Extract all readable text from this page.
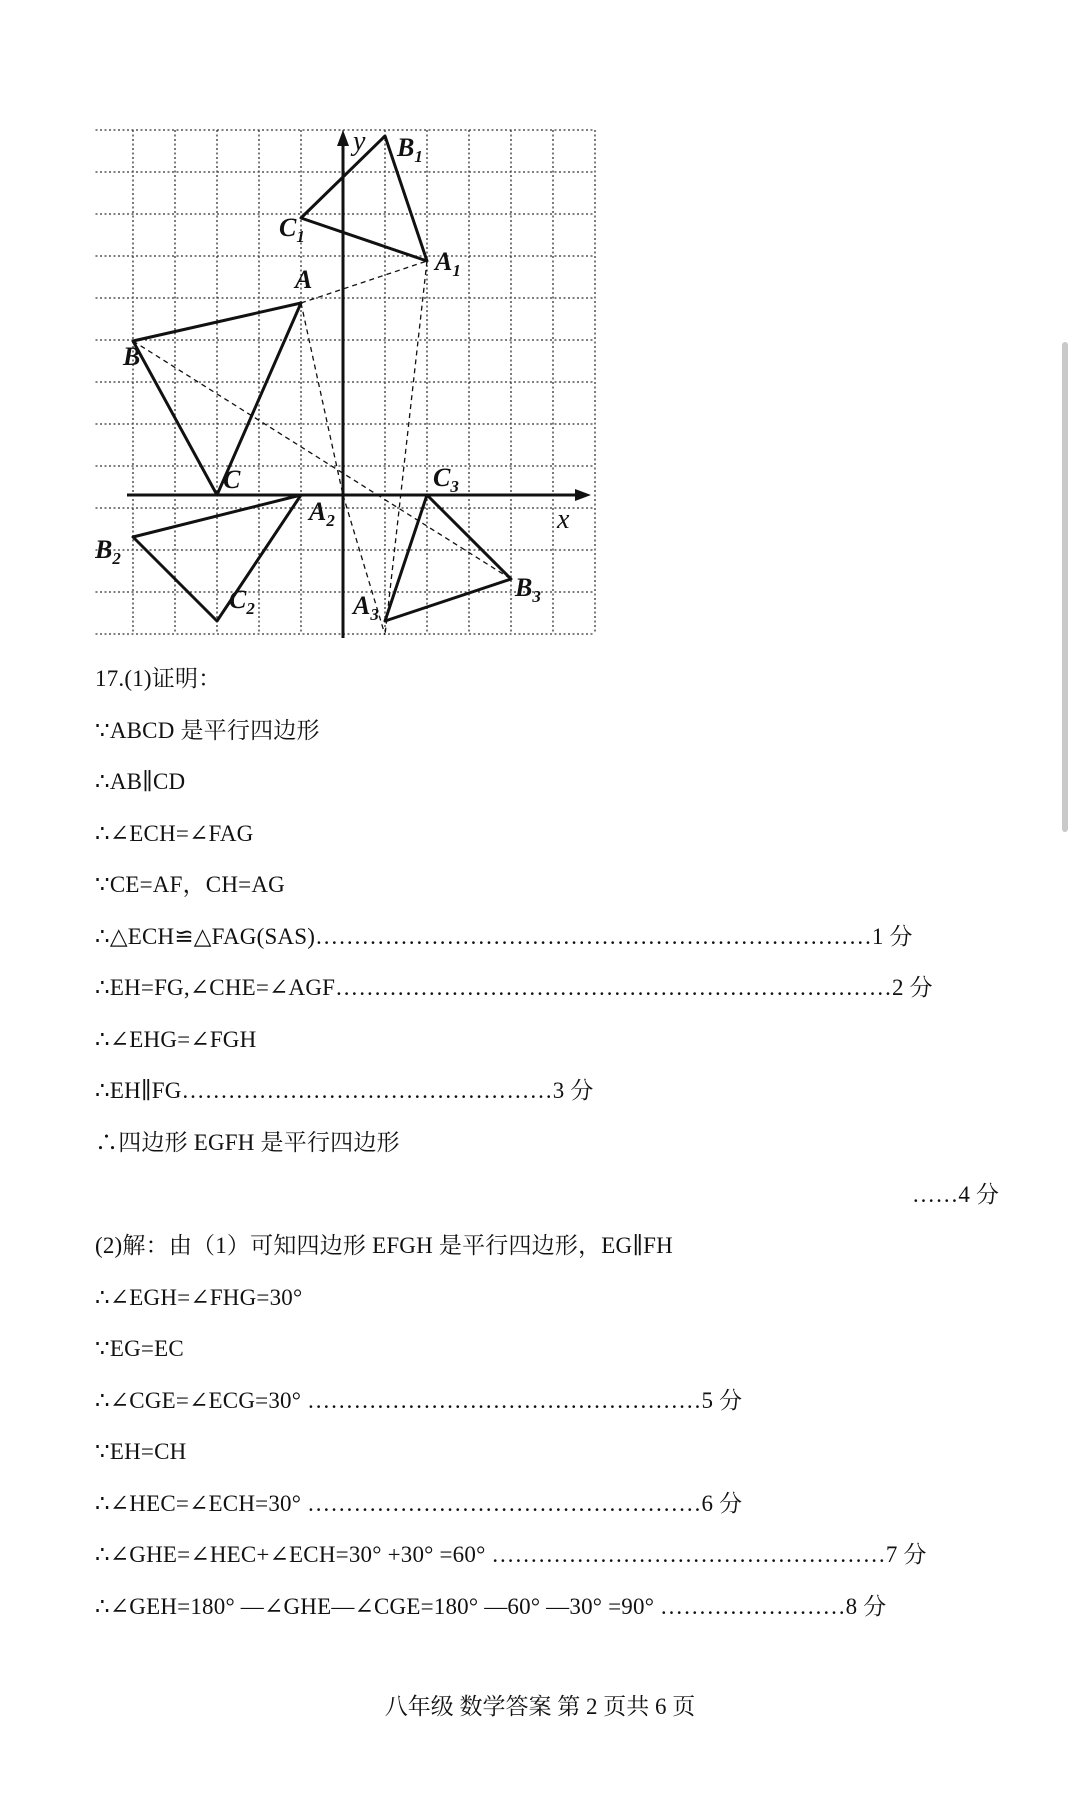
x
y
A
B
C
$B_1$
$C_1$
$A_1$
$A_2$
$B_2$
$C_2$
$C_3$
$B_3$
$A_3$
17.(1)证明：
∵ABCD 是平行四边形
∴AB∥CD
∴∠ECH=∠FAG
∵CE=AF，CH=AG
∴△ECH≌△FAG(SAS)………………………………………………………………1 分
∴EH=FG,∠CHE=∠AGF………………………………………………………………2 分
∴∠EHG=∠FGH
∴EH∥FG…………………………………………3 分
∴四边形 EGFH 是平行四边形
……4 分
(2)解：由（1）可知四边形 EFGH 是平行四边形，EG∥FH
∴∠EGH=∠FHG=30°
∵EG=EC
∴∠CGE=∠ECG=30° ……………………………………………5 分
∵EH=CH
∴∠HEC=∠ECH=30° ……………………………………………6 分
∴∠GHE=∠HEC+∠ECH=30° +30° =60° ……………………………………………7 分
∴∠GEH=180° —∠GHE—∠CGE=180° —60° —30° =90° ……………………8 分
八年级 数学答案 第 2 页共 6 页
